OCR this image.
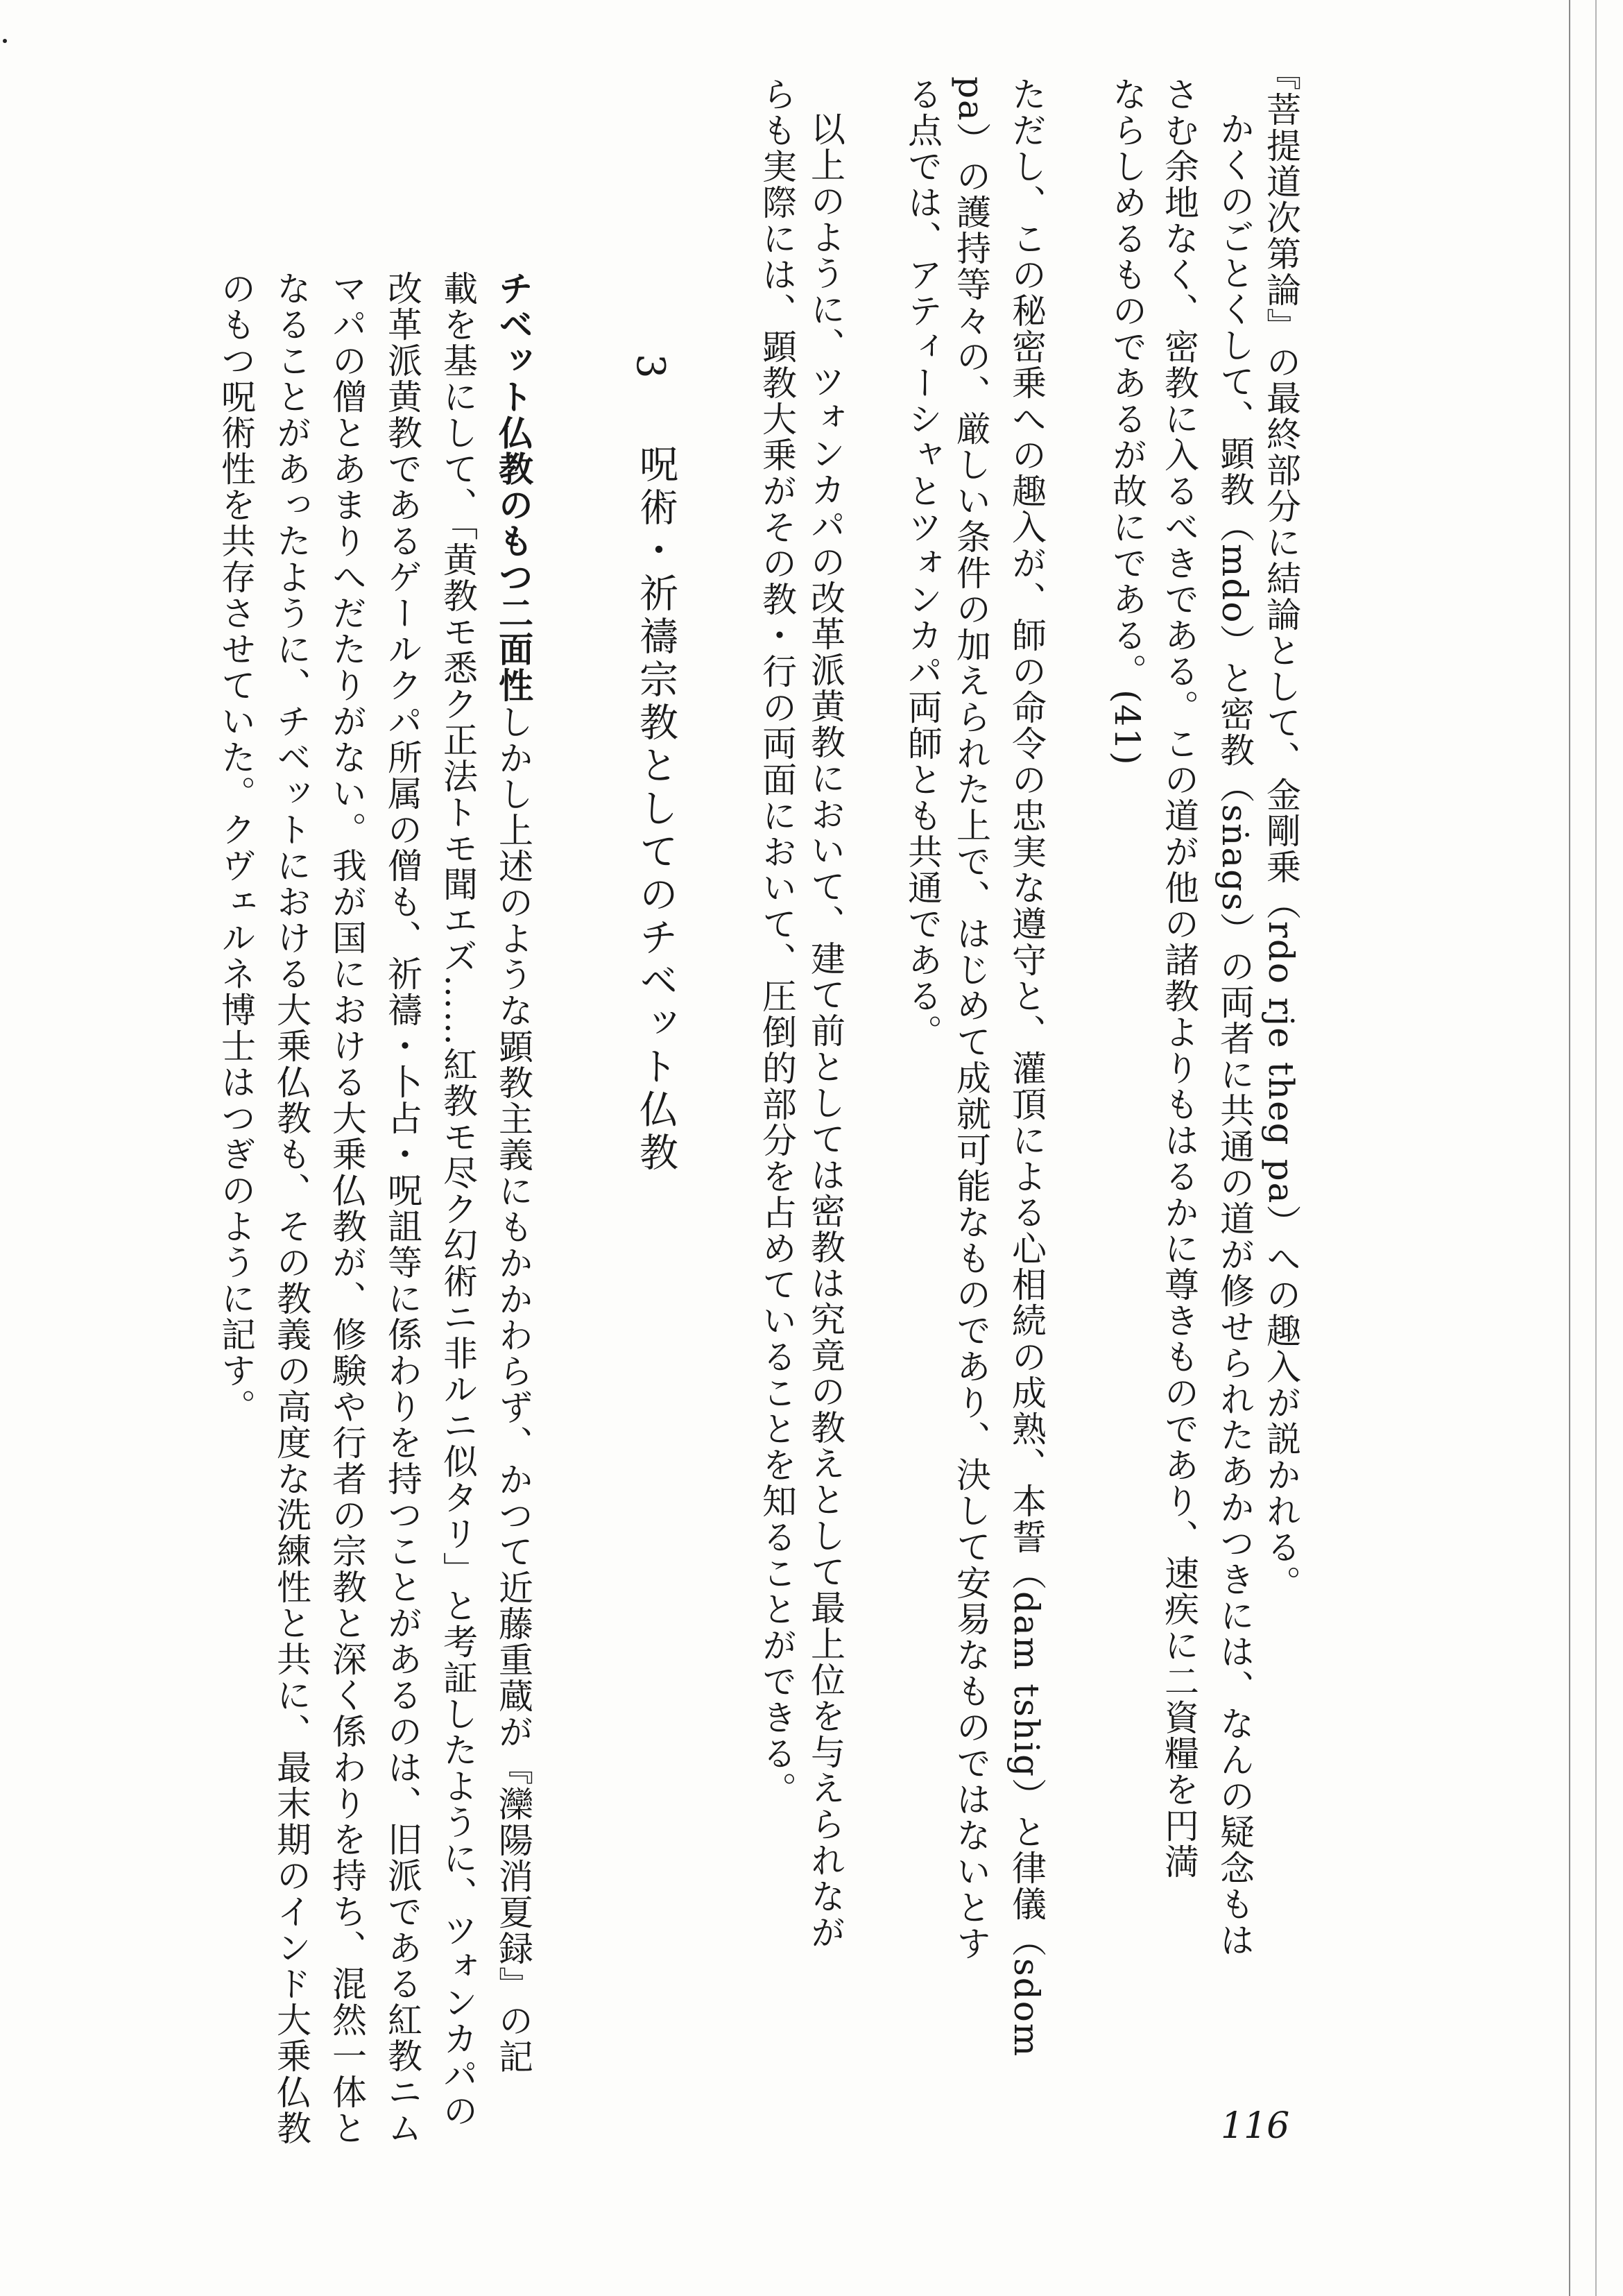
『菩提道次第論』の最終部分に結論として、金剛乗（rdo rje theg pa）への趣入が説かれる。
かくのごとくして、顕教（mdo）と密教（sṅags）の両者に共通の道が修せられたあかつきには、なんの疑念もは
さむ余地なく、密教に入るべきである。この道が他の諸教よりもはるかに尊きものであり、速疾に二資糧を円満
ならしめるものであるが故にである。(41)
ただし、この秘密乗への趣入が、師の命令の忠実な遵守と、灌頂による心相続の成熟、本誓（dam tshig）と律儀（sdom
pa）の護持等々の、厳しい条件の加えられた上で、はじめて成就可能なものであり、決して安易なものではないとす
る点では、アティーシャとツォンカパ両師とも共通である。
以上のように、ツォンカパの改革派黄教において、建て前としては密教は究竟の教えとして最上位を与えられなが
らも実際には、顕教大乗がその教・行の両面において、圧倒的部分を占めていることを知ることができる。
3
呪術・祈禱宗教としてのチベット仏教
チベット仏教のもつ二面性
しかし上述のような顕教主義にもかかわらず、かつて近藤重蔵が『灤陽消夏録』の記
載を基にして、「黄教モ悉ク正法トモ聞エズ……紅教モ尽ク幻術ニ非ルニ似タリ」と考証したように、ツォンカパの
改革派黄教であるゲールクパ所属の僧も、祈禱・卜占・呪詛等に係わりを持つことがあるのは、旧派である紅教ニム
マパの僧とあまりへだたりがない。我が国における大乗仏教が、修験や行者の宗教と深く係わりを持ち、混然一体と
なることがあったように、チベットにおける大乗仏教も、その教義の高度な洗練性と共に、最末期のインド大乗仏教
のもつ呪術性を共存させていた。クヴェルネ博士はつぎのように記す。
116
